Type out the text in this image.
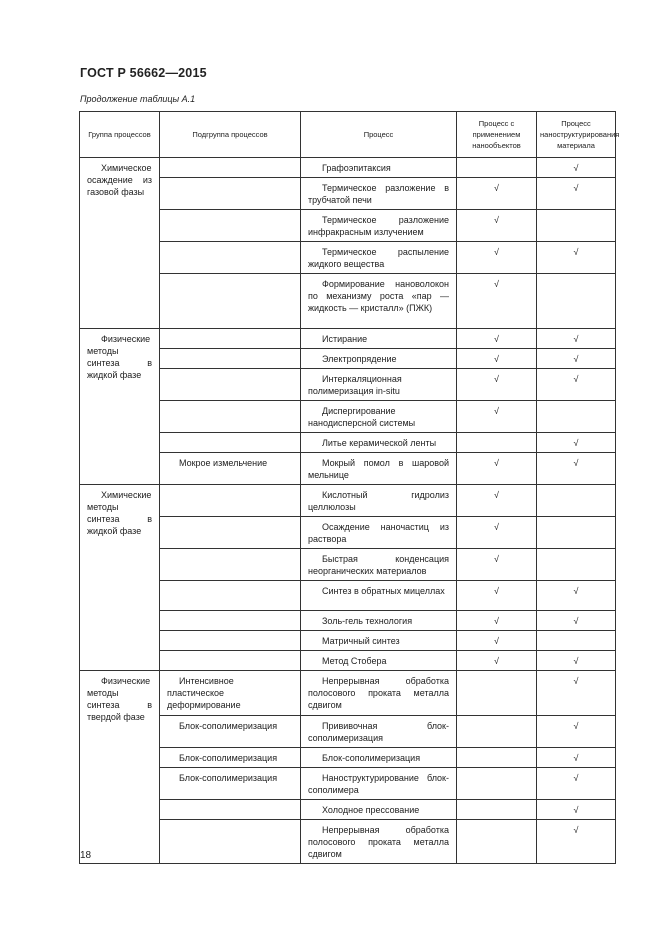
ГОСТ Р 56662—2015
Продолжение таблицы А.1
Группа процессов	Подгруппа процессов	Процесс	Процесс с применением нанообъектов	Процесс наноструктурирования материала
Химическое осаждение из газовой фазы		Графоэпитаксия		√
		Термическое разложение в трубчатой печи	√	√
		Термическое разложение инфракрасным излучением	√	
		Термическое распыление жидкого вещества	√	√
		Формирование нановолокон по механизму роста «пар — жидкость — кристалл» (ПЖК)	√	
Физические методы синтеза в жидкой фазе		Истирание	√	√
		Электропрядение	√	√
		Интеркаляционная полимеризация in-situ	√	√
		Диспергирование нанодисперсной системы	√	
		Литье керамической ленты		√
	Мокрое измельчение	Мокрый помол в шаровой мельнице	√	√
Химические методы синтеза в жидкой фазе		Кислотный гидролиз целлюлозы	√	
		Осаждение наночастиц из раствора	√	
		Быстрая конденсация неорганических материалов	√	
		Синтез в обратных мицеллах	√	√
		Золь-гель технология	√	√
		Матричный синтез	√	
		Метод Стобера	√	√
Физические методы синтеза в твердой фазе	Интенсивное пластическое деформирование	Непрерывная обработка полосового проката металла сдвигом		√
	Блок-сополимеризация	Прививочная блок-сополимеризация		√
	Блок-сополимеризация	Блок-сополимеризация		√
	Блок-сополимеризация	Наноструктурирование блок-сополимера		√
		Холодное прессование		√
		Непрерывная обработка полосового проката металла сдвигом		√
18
